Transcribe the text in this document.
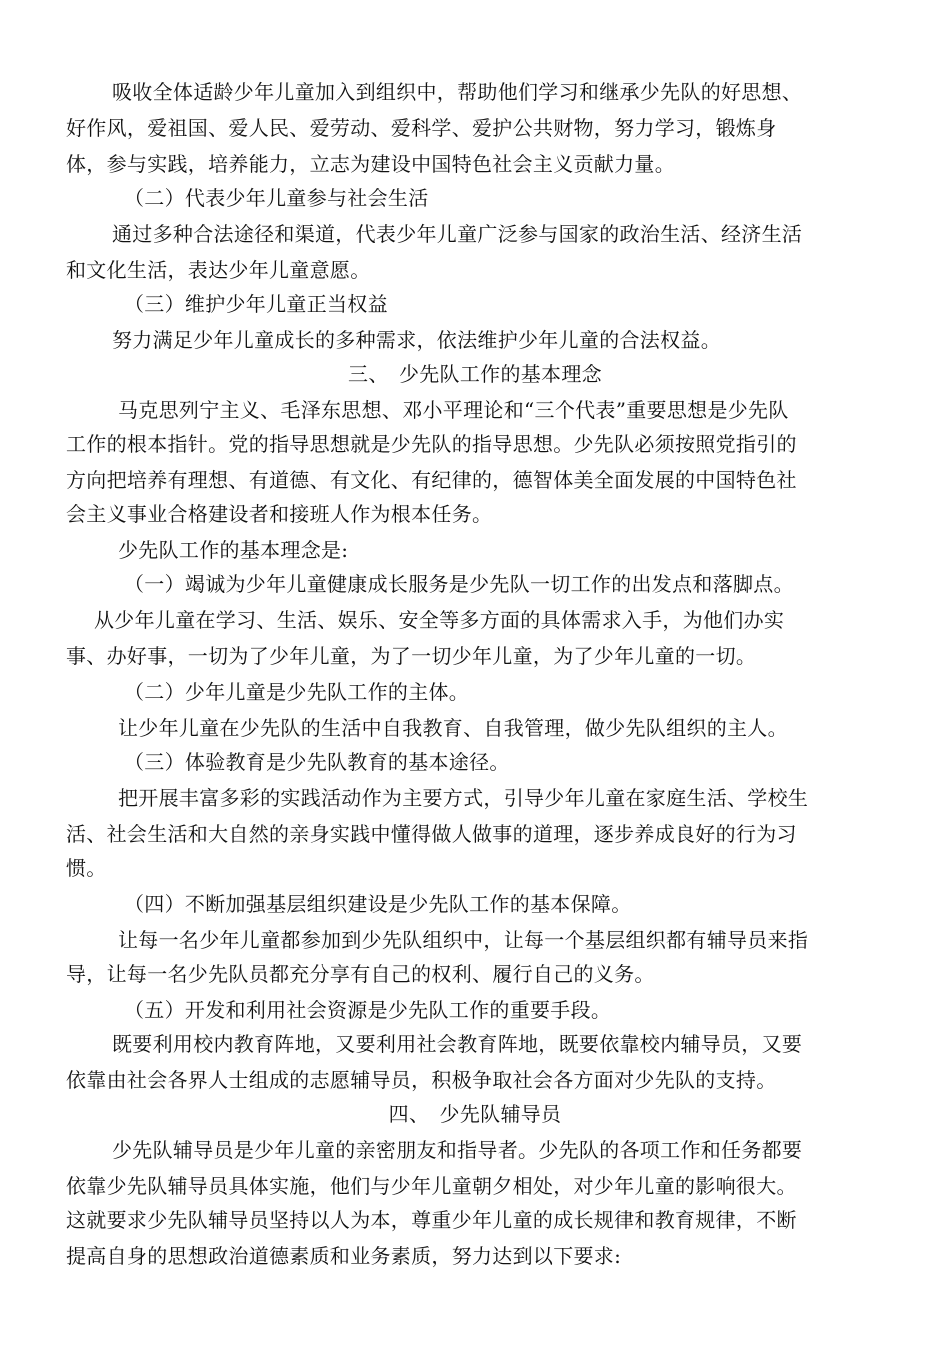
吸收全体适龄少年儿童加入到组织中，帮助他们学习和继承少先队的好思想、
好作风，爱祖国、爱人民、爱劳动、爱科学、爱护公共财物，努力学习，锻炼身
体，参与实践，培养能力，立志为建设中国特色社会主义贡献力量。
（二）代表少年儿童参与社会生活
通过多种合法途径和渠道，代表少年儿童广泛参与国家的政治生活、经济生活
和文化生活，表达少年儿童意愿。
（三）维护少年儿童正当权益
努力满足少年儿童成长的多种需求，依法维护少年儿童的合法权益。
三、　少先队工作的基本理念
马克思列宁主义、毛泽东思想、邓小平理论和“三个代表”重要思想是少先队
工作的根本指针。党的指导思想就是少先队的指导思想。少先队必须按照党指引的
方向把培养有理想、有道德、有文化、有纪律的，德智体美全面发展的中国特色社
会主义事业合格建设者和接班人作为根本任务。
少先队工作的基本理念是:
（一）竭诚为少年儿童健康成长服务是少先队一切工作的出发点和落脚点。
从少年儿童在学习、生活、娱乐、安全等多方面的具体需求入手，为他们办实
事、办好事，一切为了少年儿童，为了一切少年儿童，为了少年儿童的一切。
（二）少年儿童是少先队工作的主体。
让少年儿童在少先队的生活中自我教育、自我管理，做少先队组织的主人。
（三）体验教育是少先队教育的基本途径。
把开展丰富多彩的实践活动作为主要方式，引导少年儿童在家庭生活、学校生
活、社会生活和大自然的亲身实践中懂得做人做事的道理，逐步养成良好的行为习
惯。
（四）不断加强基层组织建设是少先队工作的基本保障。
让每一名少年儿童都参加到少先队组织中，让每一个基层组织都有辅导员来指
导，让每一名少先队员都充分享有自己的权利、履行自己的义务。
（五）开发和利用社会资源是少先队工作的重要手段。
既要利用校内教育阵地，又要利用社会教育阵地，既要依靠校内辅导员，又要
依靠由社会各界人士组成的志愿辅导员，积极争取社会各方面对少先队的支持。
四、　少先队辅导员
少先队辅导员是少年儿童的亲密朋友和指导者。少先队的各项工作和任务都要
依靠少先队辅导员具体实施，他们与少年儿童朝夕相处，对少年儿童的影响很大。
这就要求少先队辅导员坚持以人为本，尊重少年儿童的成长规律和教育规律，不断
提高自身的思想政治道德素质和业务素质，努力达到以下要求:
